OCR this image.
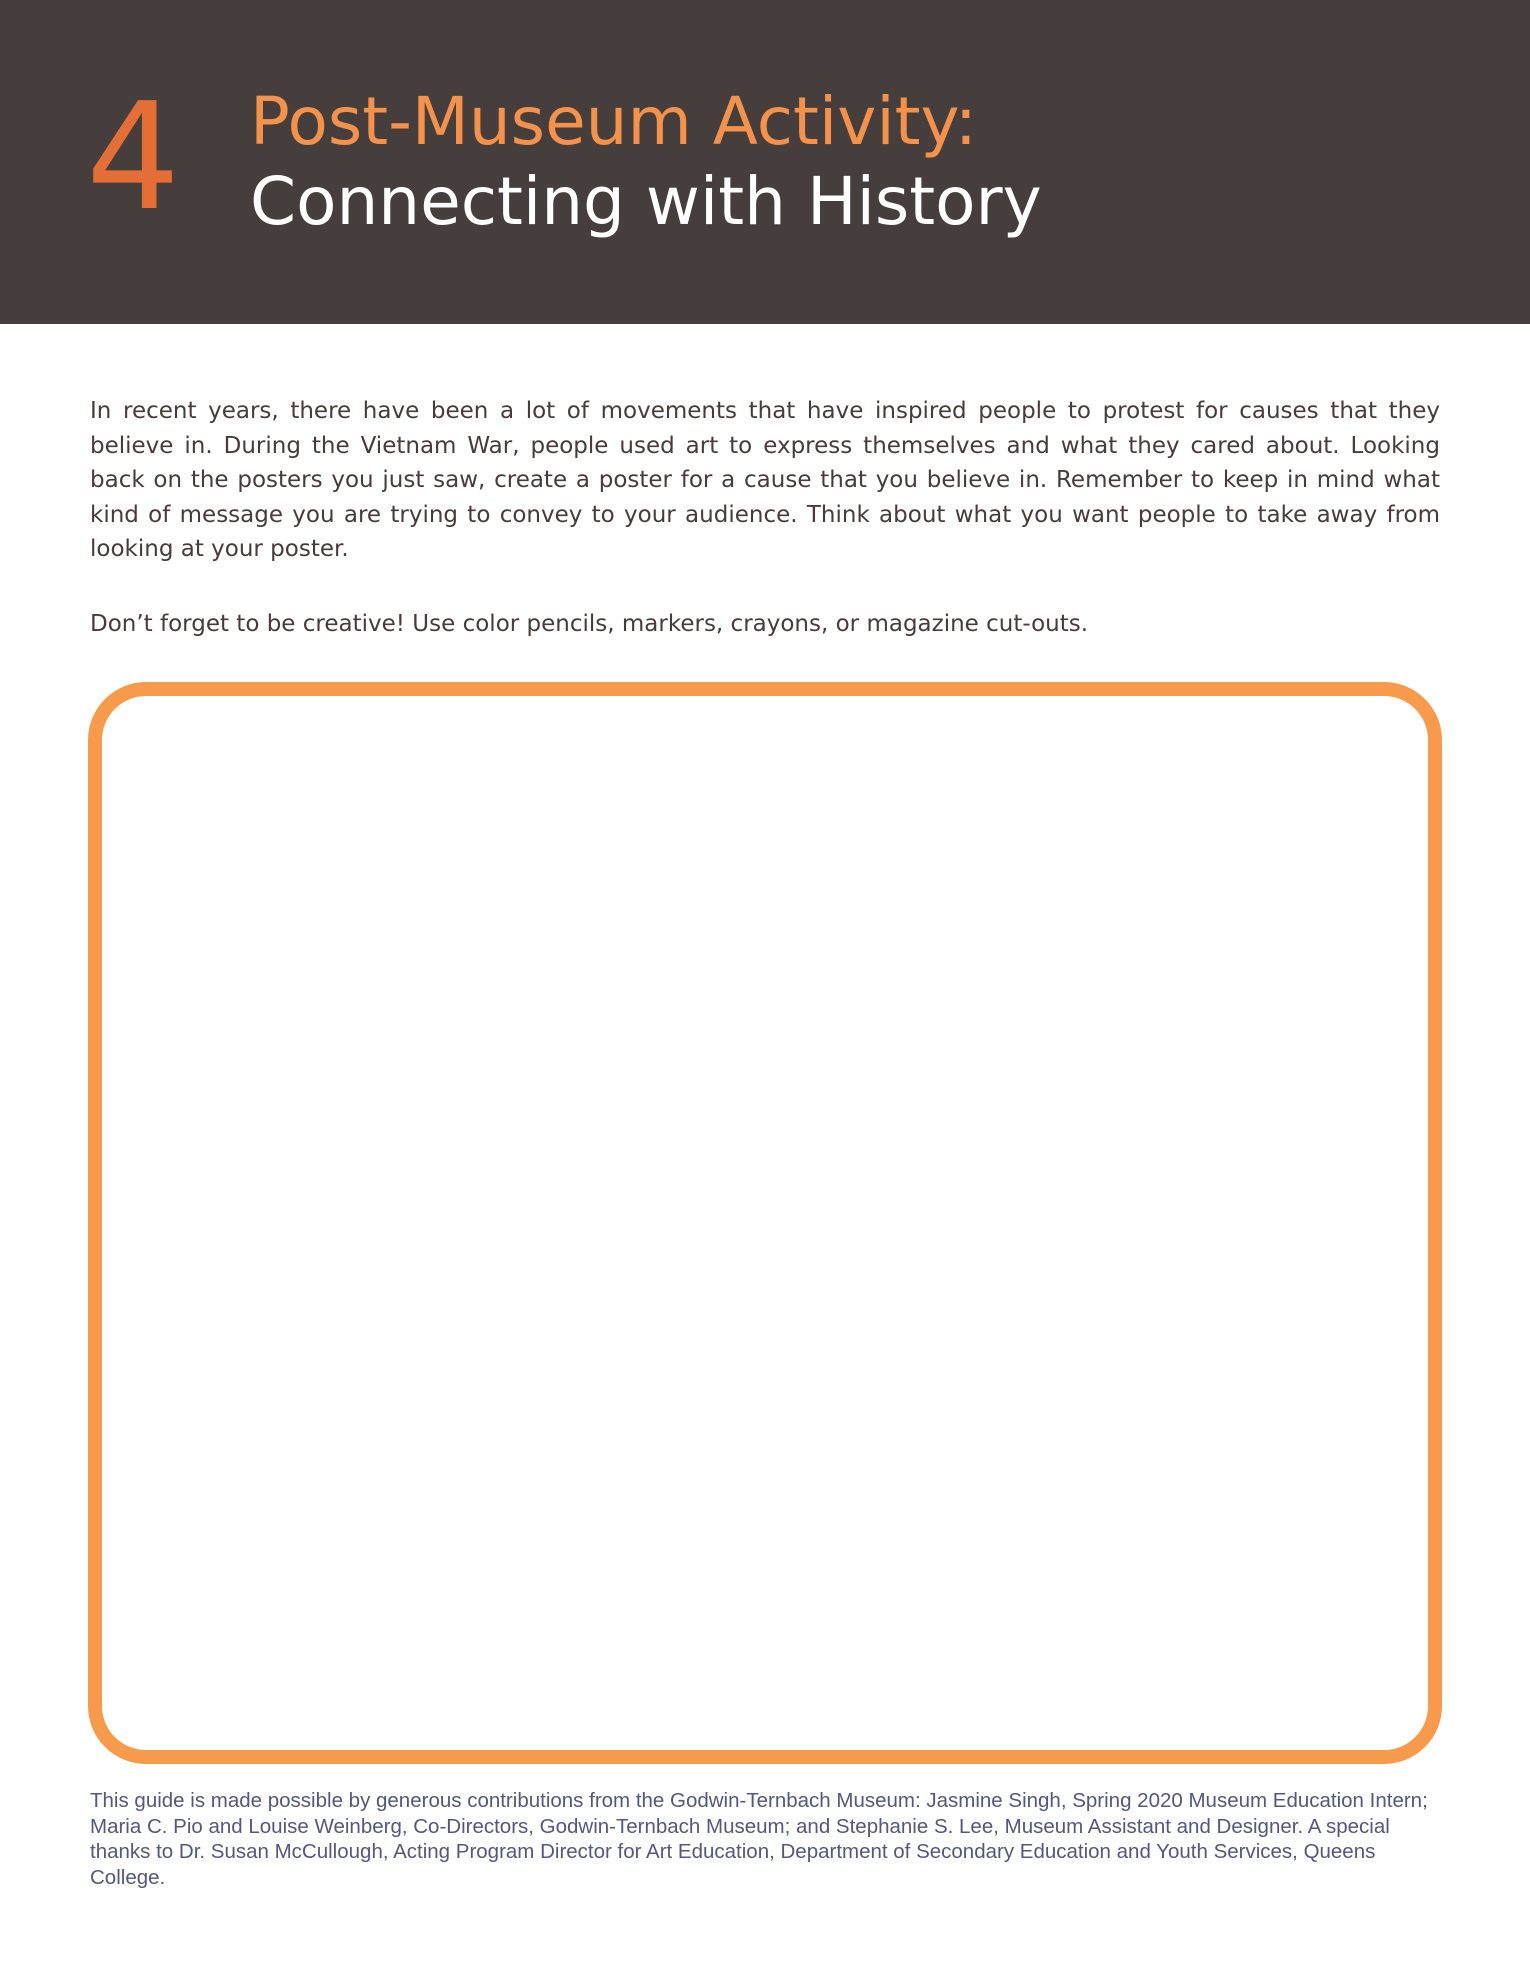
4 Post-Museum Activity:
Connecting with History

In recent years, there have been a lot of movements that have inspired people to protest for causes that they believe in. During the Vietnam War, people used art to express themselves and what they cared about. Looking back on the posters you just saw, create a poster for a cause that you believe in. Remember to keep in mind what kind of message you are trying to convey to your audience. Think about what you want people to take away from looking at your poster.

Don’t forget to be creative! Use color pencils, markers, crayons, or magazine cut-outs.

This guide is made possible by generous contributions from the Godwin-Ternbach Museum: Jasmine Singh, Spring 2020 Museum Education Intern; Maria C. Pio and Louise Weinberg, Co-Directors, Godwin-Ternbach Museum; and Stephanie S. Lee, Museum Assistant and Designer. A special thanks to Dr. Susan McCullough, Acting Program Director for Art Education, Department of Secondary Education and Youth Services, Queens College.
